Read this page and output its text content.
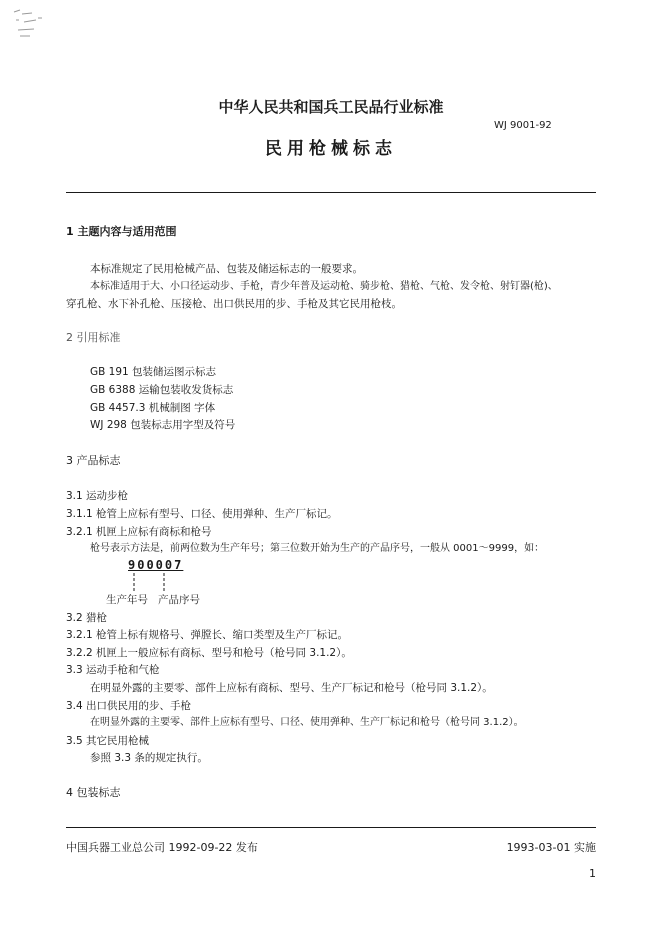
中华人民共和国兵工民品行业标准
WJ 9001-92
民用枪械标志
1 主题内容与适用范围
本标准规定了民用枪械产品、包装及储运标志的一般要求。
本标准适用于大、小口径运动步、手枪，青少年普及运动枪、骑步枪、猎枪、气枪、发令枪、射钉器(枪)、
穿孔枪、水下补孔枪、压接枪、出口供民用的步、手枪及其它民用枪枝。
2 引用标准
GB 191 包装储运图示标志
GB 6388 运输包装收发货标志
GB 4457.3 机械制图 字体
WJ 298 包装标志用字型及符号
3 产品标志
3.1 运动步枪
3.1.1 枪管上应标有型号、口径、使用弹种、生产厂标记。
3.2.1 机匣上应标有商标和枪号
枪号表示方法是，前两位数为生产年号；第三位数开始为生产的产品序号，一般从 0001～9999，如：
900007
生产年号 产品序号
3.2 猎枪
3.2.1 枪管上标有规格号、弹膛长、缩口类型及生产厂标记。
3.2.2 机匣上一般应标有商标、型号和枪号（枪号同 3.1.2）。
3.3 运动手枪和气枪
在明显外露的主要零、部件上应标有商标、型号、生产厂标记和枪号（枪号同 3.1.2）。
3.4 出口供民用的步、手枪
在明显外露的主要零、部件上应标有型号、口径、使用弹种、生产厂标记和枪号（枪号同 3.1.2）。
3.5 其它民用枪械
参照 3.3 条的规定执行。
4 包装标志
中国兵器工业总公司 1992-09-22 发布	1993-03-01 实施
1
